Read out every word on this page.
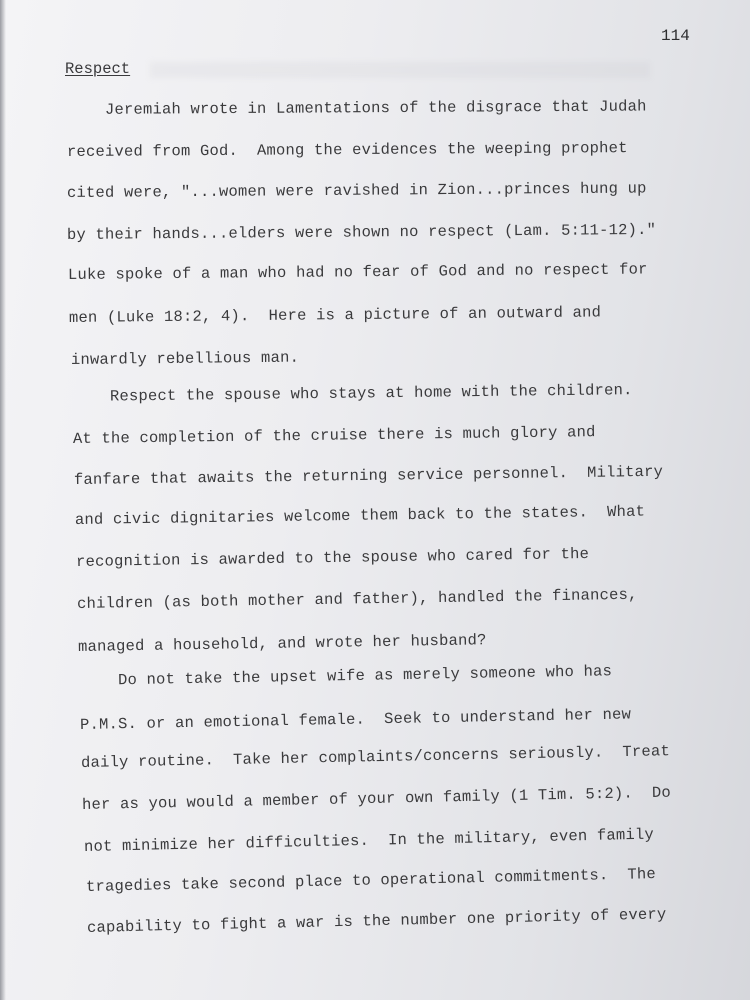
114
Respect
Jeremiah wrote in Lamentations of the disgrace that Judah
received from God.  Among the evidences the weeping prophet
cited were, "...women were ravished in Zion...princes hung up
by their hands...elders were shown no respect (Lam. 5:11-12)."
Luke spoke of a man who had no fear of God and no respect for
men (Luke 18:2, 4).  Here is a picture of an outward and
inwardly rebellious man.
Respect the spouse who stays at home with the children.
At the completion of the cruise there is much glory and
fanfare that awaits the returning service personnel.  Military
and civic dignitaries welcome them back to the states.  What
recognition is awarded to the spouse who cared for the
children (as both mother and father), handled the finances,
managed a household, and wrote her husband?
Do not take the upset wife as merely someone who has
P.M.S. or an emotional female.  Seek to understand her new
daily routine.  Take her complaints/concerns seriously.  Treat
her as you would a member of your own family (1 Tim. 5:2).  Do
not minimize her difficulties.  In the military, even family
tragedies take second place to operational commitments.  The
capability to fight a war is the number one priority of every
